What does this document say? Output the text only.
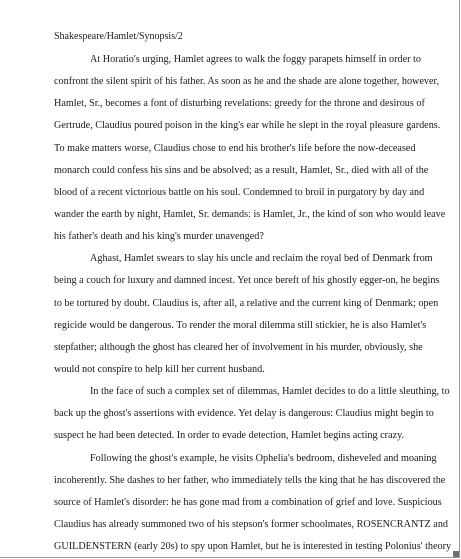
Shakespeare/Hamlet/Synopsis/2
At Horatio's urging, Hamlet agrees to walk the foggy parapets himself in order to
confront the silent spirit of his father. As soon as he and the shade are alone together, however,
Hamlet, Sr., becomes a font of disturbing revelations: greedy for the throne and desirous of
Gertrude, Claudius poured poison in the king's ear while he slept in the royal pleasure gardens.
To make matters worse, Claudius chose to end his brother's life before the now-deceased
monarch could confess his sins and be absolved; as a result, Hamlet, Sr., died with all of the
blood of a recent victorious battle on his soul. Condemned to broil in purgatory by day and
wander the earth by night, Hamlet, Sr. demands: is Hamlet, Jr., the kind of son who would leave
his father's death and his king's murder unavenged?
Aghast, Hamlet swears to slay his uncle and reclaim the royal bed of Denmark from
being a couch for luxury and damned incest. Yet once bereft of his ghostly egger-on, he begins
to be tortured by doubt. Claudius is, after all, a relative and the current king of Denmark; open
regicide would be dangerous. To render the moral dilemma still stickier, he is also Hamlet's
stepfather; although the ghost has cleared her of involvement in his murder, obviously, she
would not conspire to help kill her current husband.
In the face of such a complex set of dilemmas, Hamlet decides to do a little sleuthing, to
back up the ghost's assertions with evidence. Yet delay is dangerous: Claudius might begin to
suspect he had been detected. In order to evade detection, Hamlet begins acting crazy.
Following the ghost's example, he visits Ophelia's bedroom, disheveled and moaning
incoherently. She dashes to her father, who immediately tells the king that he has discovered the
source of Hamlet's disorder: he has gone mad from a combination of grief and love. Suspicious
Claudius has already summoned two of his stepson's former schoolmates, ROSENCRANTZ and
GUILDENSTERN (early 20s) to spy upon Hamlet, but he is interested in testing Polonius' theory
